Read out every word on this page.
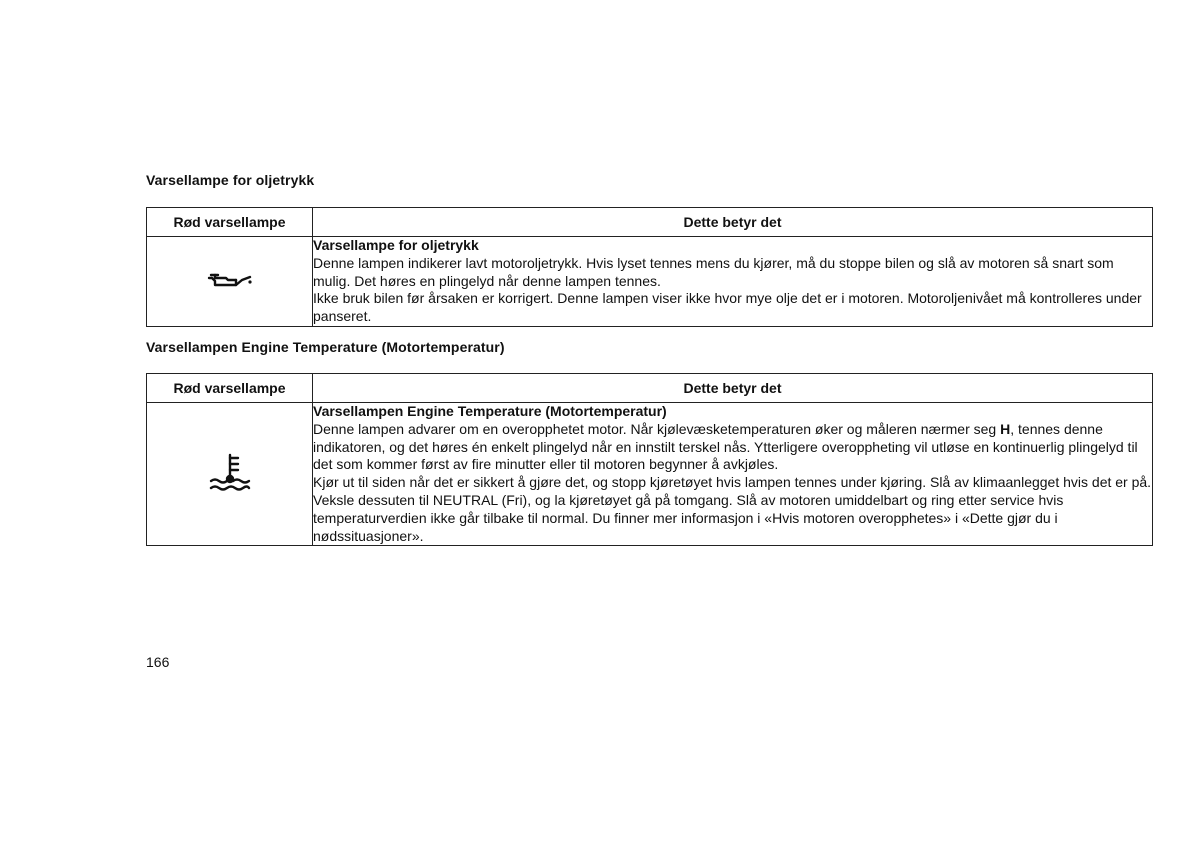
Varsellampe for oljetrykk
Rød varsellampe	Dette betyr det

Varsellampe for oljetrykk
Denne lampen indikerer lavt motoroljetrykk. Hvis lyset tennes mens du kjører, må du stoppe bilen og slå av motoren så snart som mulig. Det høres en plingelyd når denne lampen tennes.
Ikke bruk bilen før årsaken er korrigert. Denne lampen viser ikke hvor mye olje det er i motoren. Motoroljenivået må kontrolleres under panseret.
Varsellampen Engine Temperature (Motortemperatur)
Rød varsellampe	Dette betyr det

Varsellampen Engine Temperature (Motortemperatur)
Denne lampen advarer om en overopphetet motor. Når kjølevæsketemperaturen øker og måleren nærmer seg H, tennes denne indikatoren, og det høres én enkelt plingelyd når en innstilt terskel nås. Ytterligere overoppheting vil utløse en kontinuerlig plingelyd til det som kommer først av fire minutter eller til motoren begynner å avkjøles.
Kjør ut til siden når det er sikkert å gjøre det, og stopp kjøretøyet hvis lampen tennes under kjøring. Slå av klimaanlegget hvis det er på. Veksle dessuten til NEUTRAL (Fri), og la kjøretøyet gå på tomgang. Slå av motoren umiddelbart og ring etter service hvis temperaturverdien ikke går tilbake til normal. Du finner mer informasjon i «Hvis motoren overopphetes» i «Dette gjør du i nødssituasjoner».
166
